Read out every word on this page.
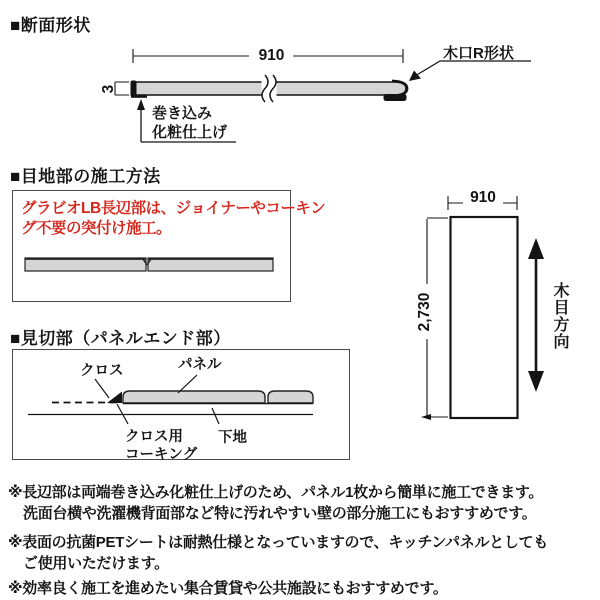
■断面形状
910
3
巻き込み
化粧仕上げ
木口R形状
■目地部の施工方法
グラビオLB長辺部は、ジョイナーやコーキン
グ不要の突付け施工。
910
2,730	木目方向
■見切部（パネルエンド部）
クロス	パネル
クロス用
コーキング
下地
※長辺部は両端巻き込み化粧仕上げのため、パネル1枚から簡単に施工できます。
洗面台横や洗濯機背面部など特に汚れやすい壁の部分施工にもおすすめです。
※表面の抗菌PETシートは耐熱仕様となっていますので、キッチンパネルとしても
ご使用いただけます。
※効率良く施工を進めたい集合賃貸や公共施設にもおすすめです。
